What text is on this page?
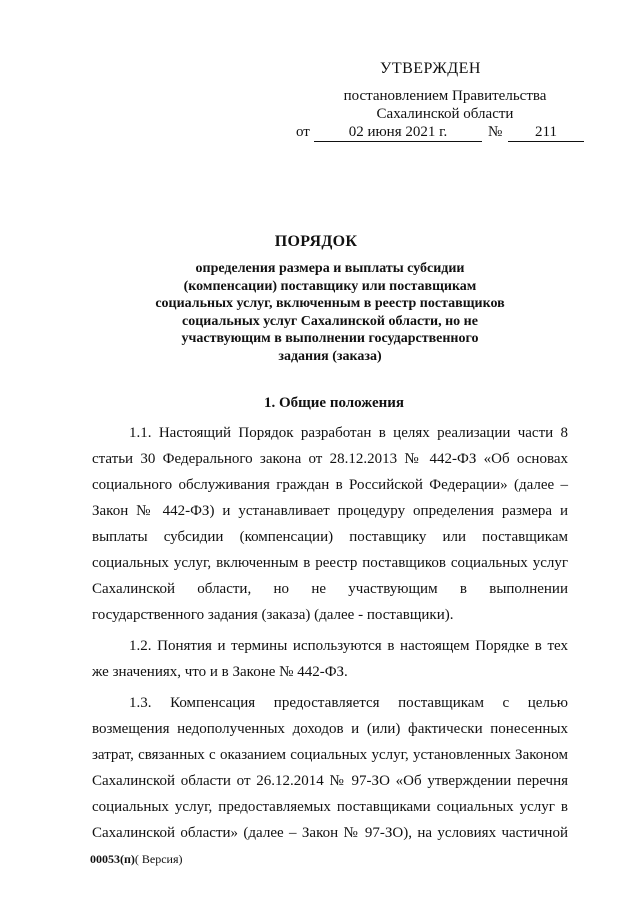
УТВЕРЖДЕН
постановлением Правительства
Сахалинской области
от	02 июня 2021 г.	№	211
ПОРЯДОК
определения размера и выплаты субсидии
(компенсации) поставщику или поставщикам
социальных услуг, включенным в реестр поставщиков
социальных услуг Сахалинской области, но не
участвующим в выполнении государственного
задания (заказа)
1. Общие положения
1.1. Настоящий Порядок разработан в целях реализации части 8
статьи 30 Федерального закона от 28.12.2013 № 442-ФЗ «Об основах
социального обслуживания граждан в Российской Федерации» (далее –
Закон № 442-ФЗ) и устанавливает процедуру определения размера и
выплаты субсидии (компенсации) поставщику или поставщикам
социальных услуг, включенным в реестр поставщиков социальных услуг
Сахалинской области, но не участвующим в выполнении
государственного задания (заказа) (далее - поставщики).
1.2. Понятия и термины используются в настоящем Порядке в тех
же значениях, что и в Законе № 442-ФЗ.
1.3. Компенсация предоставляется поставщикам с целью
возмещения недополученных доходов и (или) фактически понесенных
затрат, связанных с оказанием социальных услуг, установленных Законом
Сахалинской области от 26.12.2014 № 97-ЗО «Об утверждении перечня
социальных услуг, предоставляемых поставщиками социальных услуг в
Сахалинской области» (далее – Закон № 97-ЗО), на условиях частичной
00053(п)( Версия)
